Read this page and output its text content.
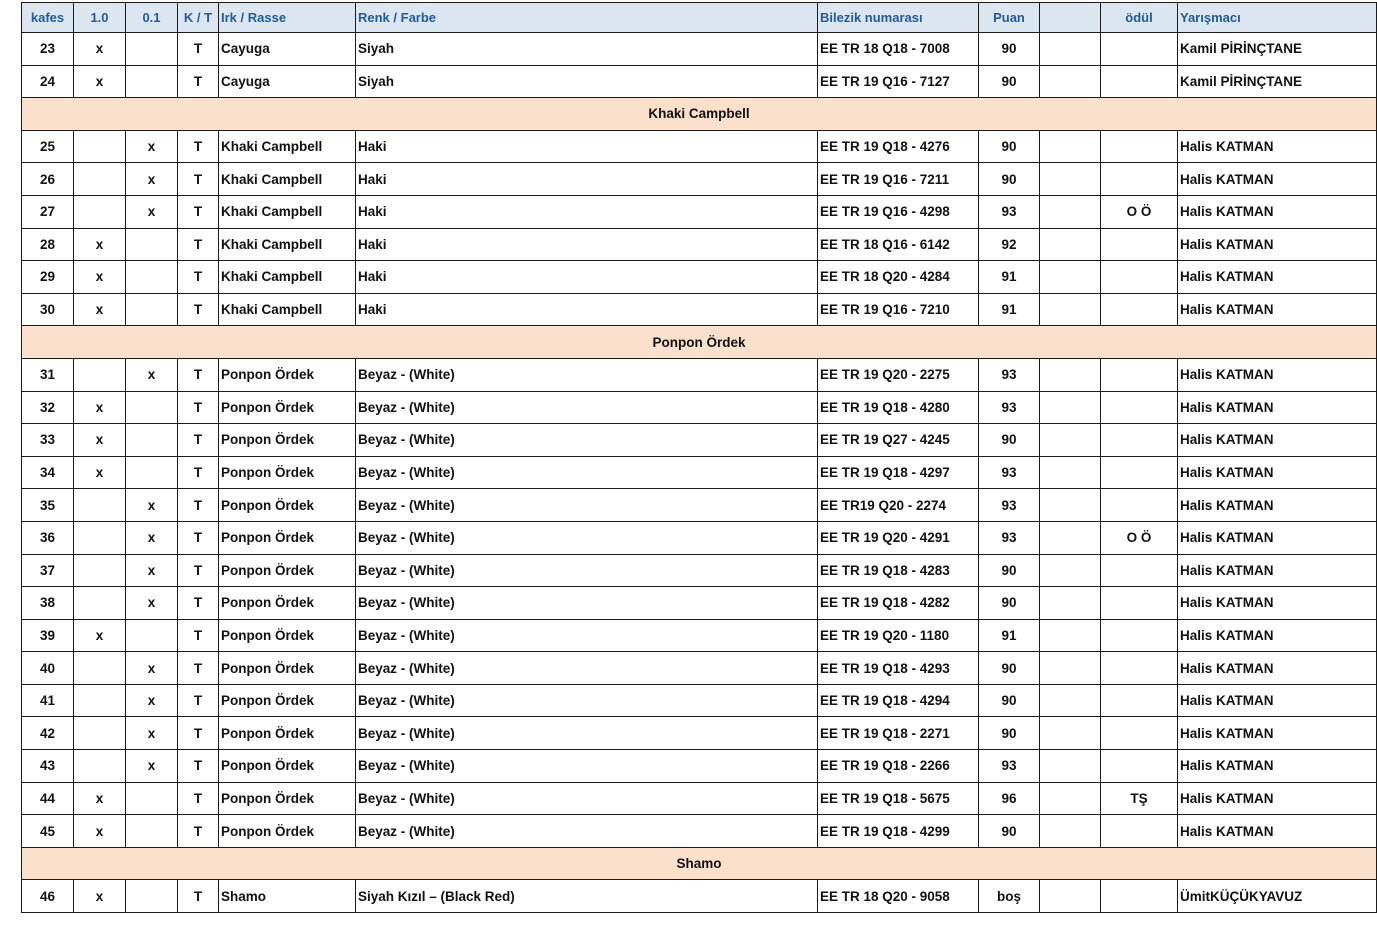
kafes	1.0	0.1	K / T	Irk / Rasse	Renk / Farbe	Bilezik numarası	Puan		ödül	Yarışmacı
23	x		T	Cayuga	Siyah	EE TR 18 Q18 - 7008	90			Kamil PİRİNÇTANE
24	x		T	Cayuga	Siyah	EE TR 19 Q16 - 7127	90			Kamil PİRİNÇTANE
Khaki Campbell										
25		x	T	Khaki Campbell	Haki	EE TR 19 Q18 - 4276	90			Halis KATMAN
26		x	T	Khaki Campbell	Haki	EE TR 19 Q16 - 7211	90			Halis KATMAN
27		x	T	Khaki Campbell	Haki	EE TR 19 Q16 - 4298	93		O Ö	Halis KATMAN
28	x		T	Khaki Campbell	Haki	EE TR 18 Q16 - 6142	92			Halis KATMAN
29	x		T	Khaki Campbell	Haki	EE TR 18 Q20 - 4284	91			Halis KATMAN
30	x		T	Khaki Campbell	Haki	EE TR 19 Q16 - 7210	91			Halis KATMAN
Ponpon Ördek										
31		x	T	Ponpon Ördek	Beyaz - (White)	EE TR 19 Q20 - 2275	93			Halis KATMAN
32	x		T	Ponpon Ördek	Beyaz - (White)	EE TR 19 Q18 - 4280	93			Halis KATMAN
33	x		T	Ponpon Ördek	Beyaz - (White)	EE TR 19 Q27 - 4245	90			Halis KATMAN
34	x		T	Ponpon Ördek	Beyaz - (White)	EE TR 19 Q18 - 4297	93			Halis KATMAN
35		x	T	Ponpon Ördek	Beyaz - (White)	EE TR19 Q20 - 2274	93			Halis KATMAN
36		x	T	Ponpon Ördek	Beyaz - (White)	EE TR 19 Q20 - 4291	93		O Ö	Halis KATMAN
37		x	T	Ponpon Ördek	Beyaz - (White)	EE TR 19 Q18 - 4283	90			Halis KATMAN
38		x	T	Ponpon Ördek	Beyaz - (White)	EE TR 19 Q18 - 4282	90			Halis KATMAN
39	x		T	Ponpon Ördek	Beyaz - (White)	EE TR 19 Q20 - 1180	91			Halis KATMAN
40		x	T	Ponpon Ördek	Beyaz - (White)	EE TR 19 Q18 - 4293	90			Halis KATMAN
41		x	T	Ponpon Ördek	Beyaz - (White)	EE TR 19 Q18 - 4294	90			Halis KATMAN
42		x	T	Ponpon Ördek	Beyaz - (White)	EE TR 19 Q18 - 2271	90			Halis KATMAN
43		x	T	Ponpon Ördek	Beyaz - (White)	EE TR 19 Q18 - 2266	93			Halis KATMAN
44	x		T	Ponpon Ördek	Beyaz - (White)	EE TR 19 Q18 - 5675	96		TŞ	Halis KATMAN
45	x		T	Ponpon Ördek	Beyaz - (White)	EE TR 19 Q18 - 4299	90			Halis KATMAN
Shamo										
46	x		T	Shamo	Siyah Kızıl – (Black Red)	EE TR 18 Q20 - 9058	boş			ÜmitKÜÇÜKYAVUZ
